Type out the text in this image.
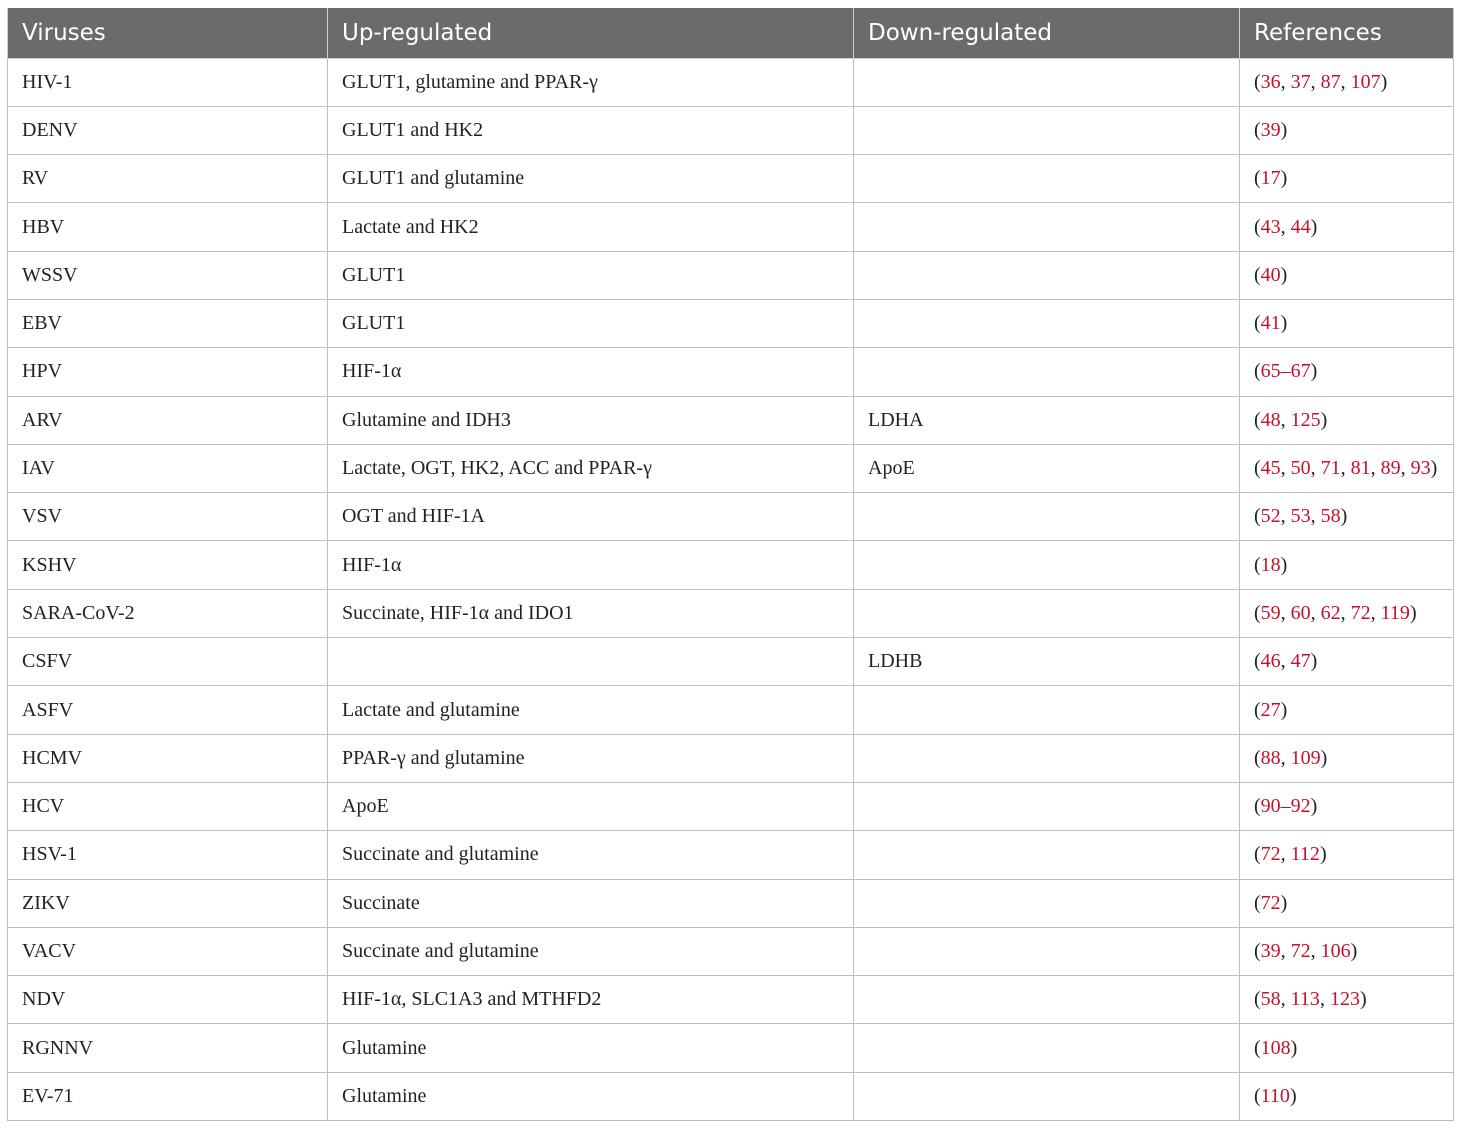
Viruses	Up-regulated	Down-regulated	References
HIV-1	GLUT1, glutamine and PPAR-γ		(36, 37, 87, 107)
DENV	GLUT1 and HK2		(39)
RV	GLUT1 and glutamine		(17)
HBV	Lactate and HK2		(43, 44)
WSSV	GLUT1		(40)
EBV	GLUT1		(41)
HPV	HIF-1α		(65–67)
ARV	Glutamine and IDH3	LDHA	(48, 125)
IAV	Lactate, OGT, HK2, ACC and PPAR-γ	ApoE	(45, 50, 71, 81, 89, 93)
VSV	OGT and HIF-1A		(52, 53, 58)
KSHV	HIF-1α		(18)
SARA-CoV-2	Succinate, HIF-1α and IDO1		(59, 60, 62, 72, 119)
CSFV		LDHB	(46, 47)
ASFV	Lactate and glutamine		(27)
HCMV	PPAR-γ and glutamine		(88, 109)
HCV	ApoE		(90–92)
HSV-1	Succinate and glutamine		(72, 112)
ZIKV	Succinate		(72)
VACV	Succinate and glutamine		(39, 72, 106)
NDV	HIF-1α, SLC1A3 and MTHFD2		(58, 113, 123)
RGNNV	Glutamine		(108)
EV-71	Glutamine		(110)
